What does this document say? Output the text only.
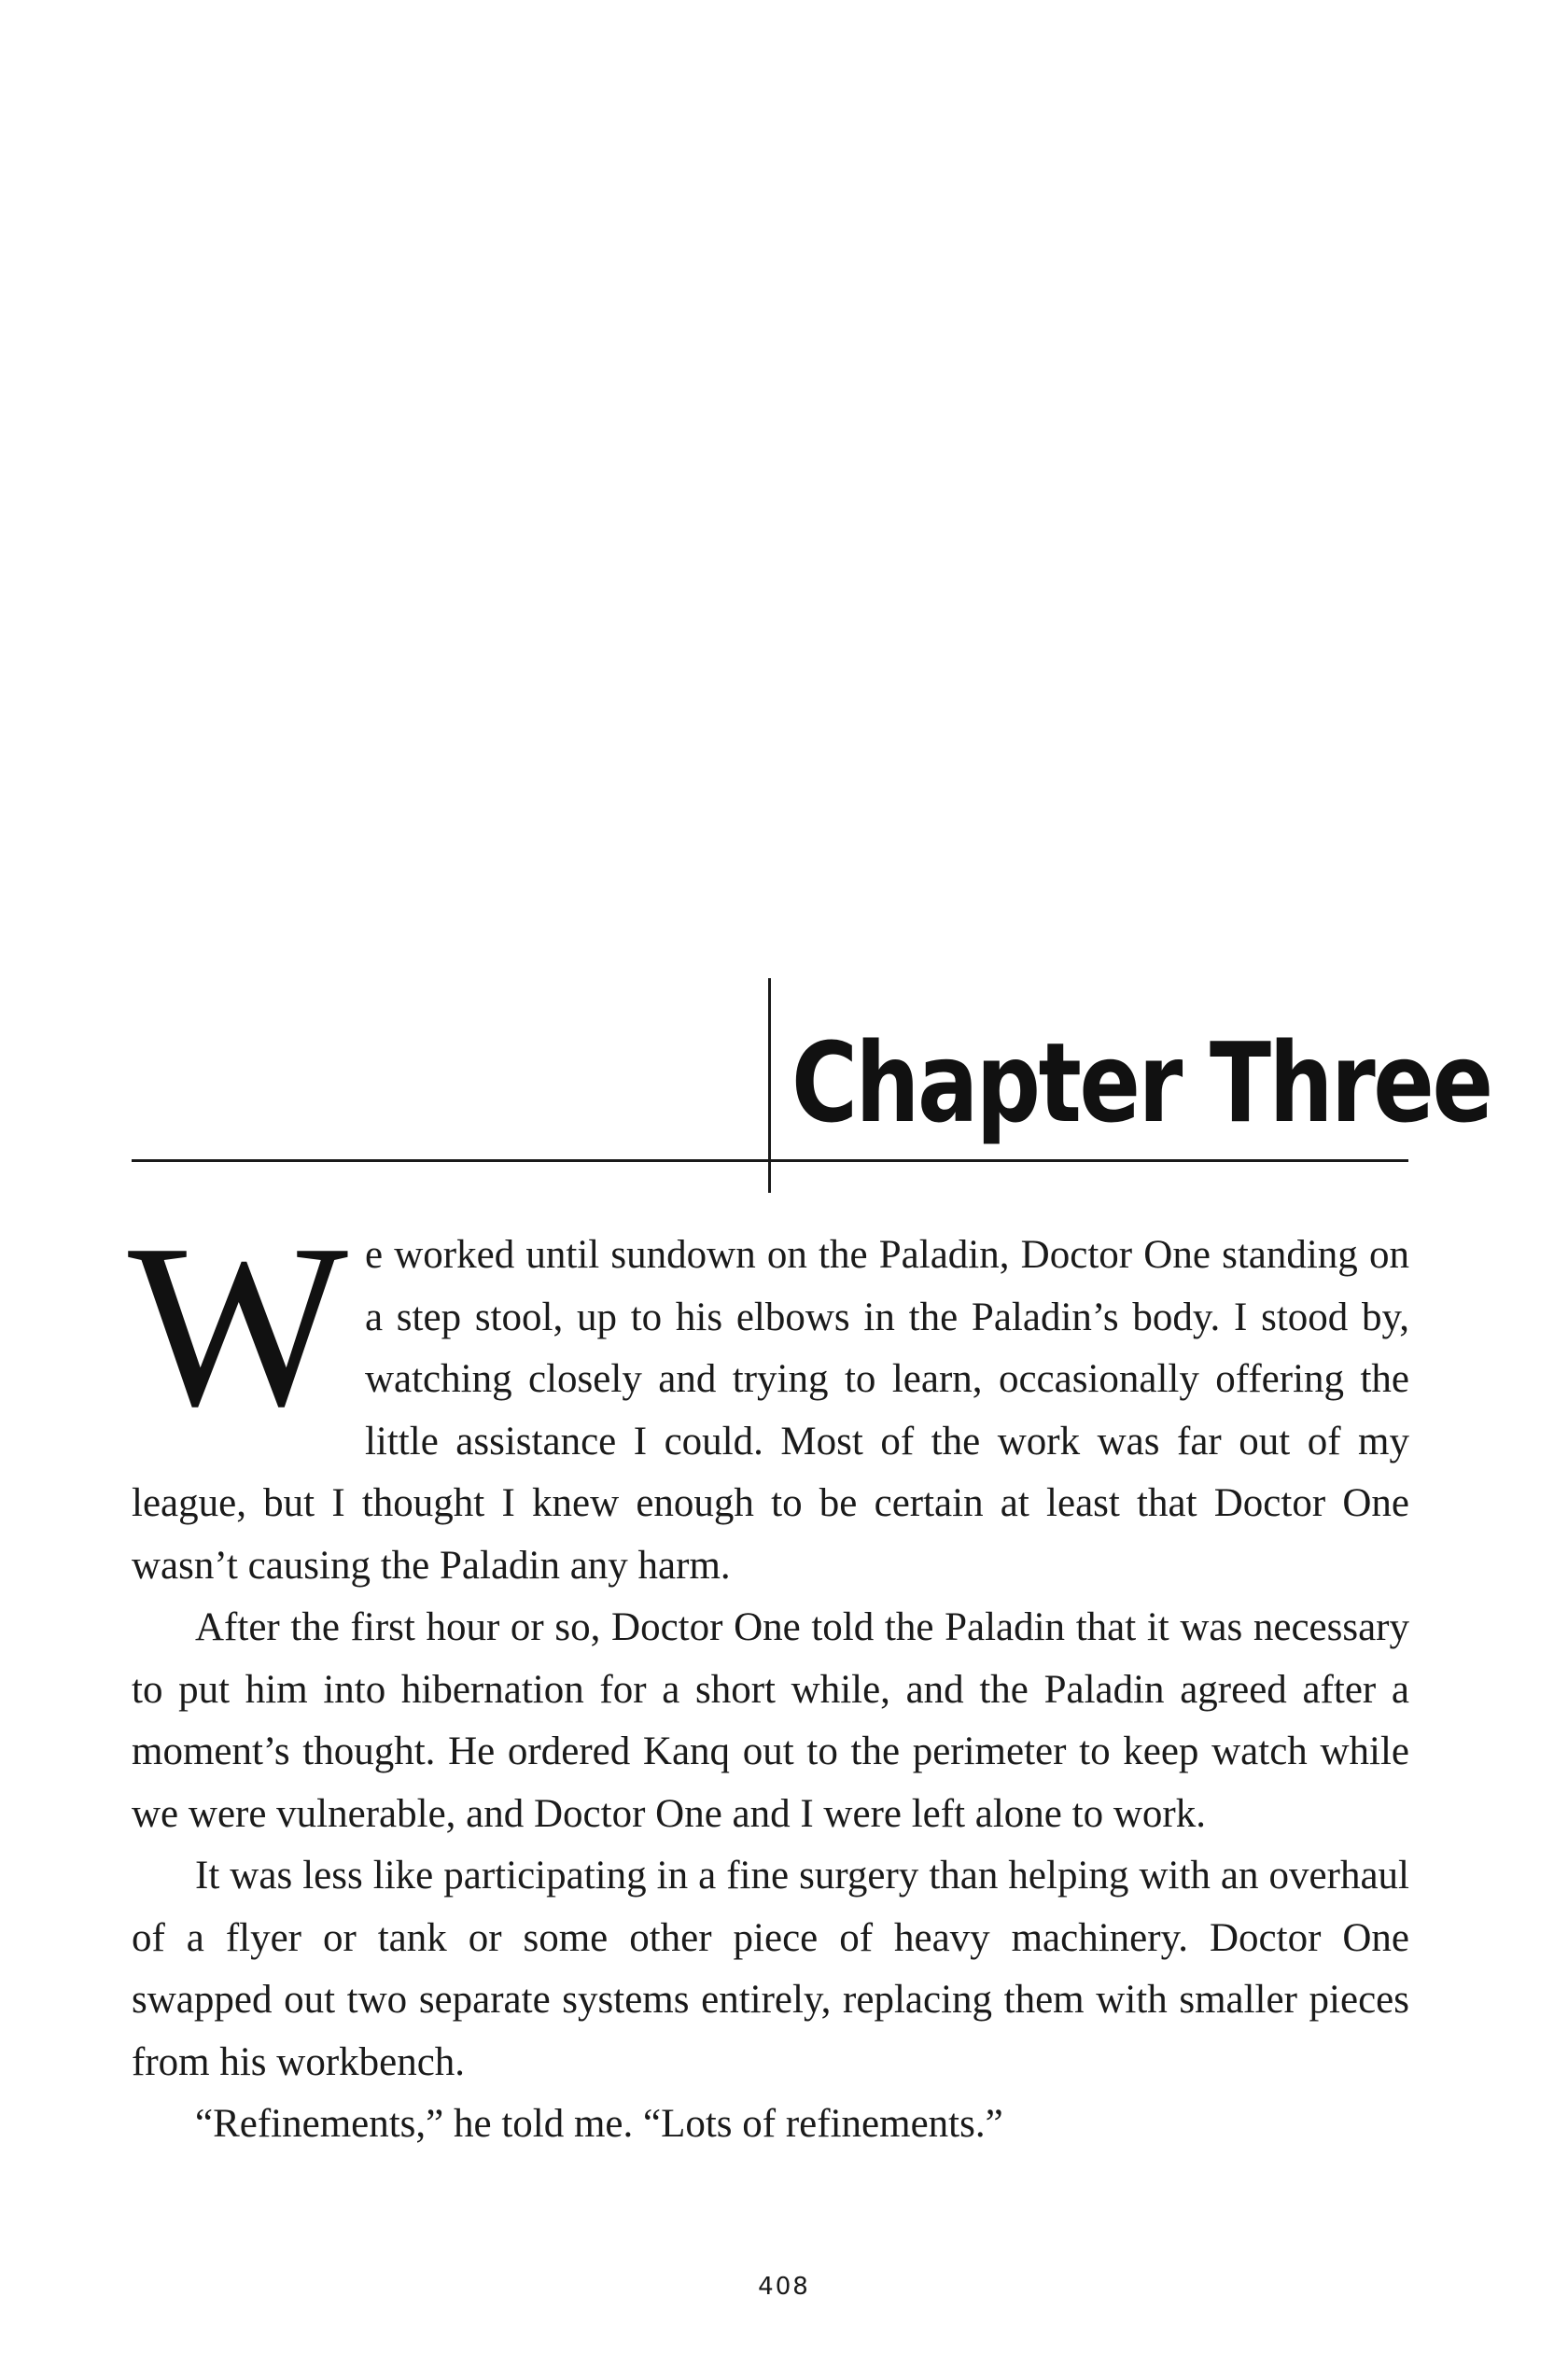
Chapter Three

We worked until sundown on the Paladin, Doctor One standing on a step stool, up to his elbows in the Paladin’s body. I stood by, watching closely and trying to learn, occasionally offering the little assistance I could. Most of the work was far out of my league, but I thought I knew enough to be certain at least that Doctor One wasn’t causing the Paladin any harm.

After the first hour or so, Doctor One told the Paladin that it was necessary to put him into hibernation for a short while, and the Paladin agreed after a moment’s thought. He ordered Kanq out to the perimeter to keep watch while we were vulnerable, and Doctor One and I were left alone to work.

It was less like participating in a fine surgery than helping with an overhaul of a flyer or tank or some other piece of heavy machinery. Doctor One swapped out two separate systems entirely, replacing them with smaller pieces from his workbench.

“Refinements,” he told me. “Lots of refinements.”

408
